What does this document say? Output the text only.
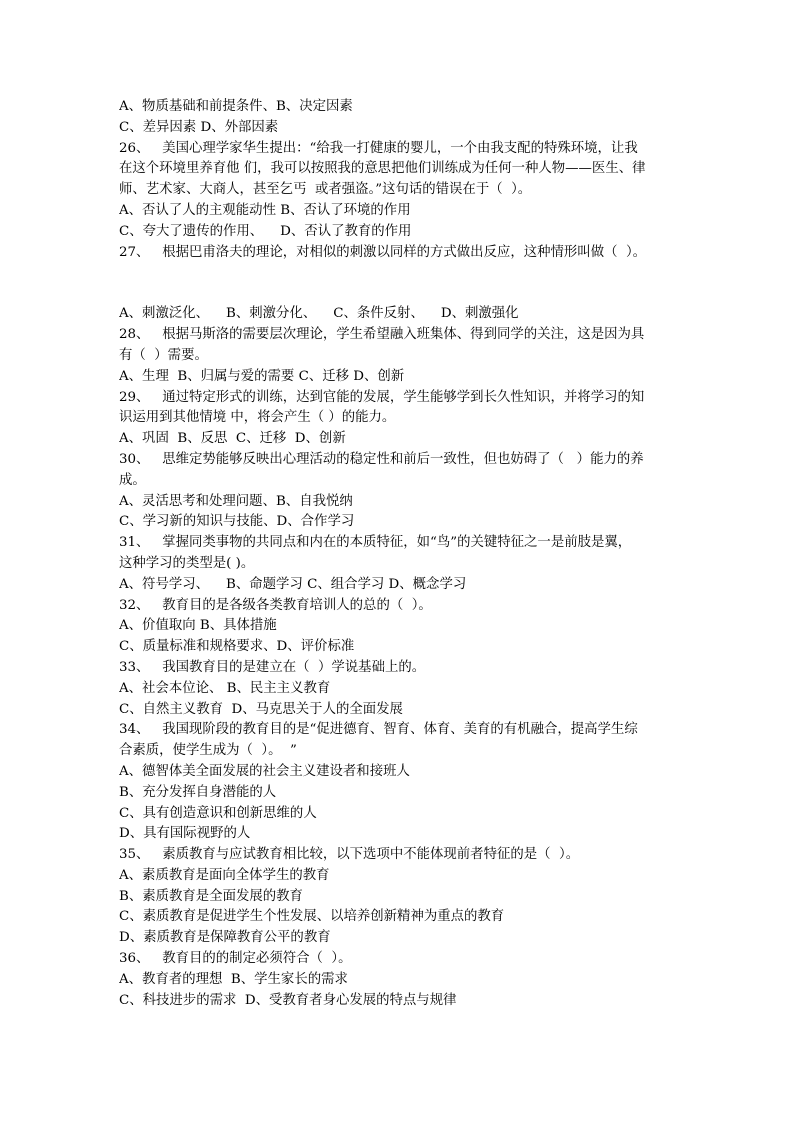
A、物质基础和前提条件、B、决定因素
C、差异因素 D、外部因素
26、   美国心理学家华生提出：“给我一打健康的婴儿，一个由我支配的特殊环境，让我
在这个环境里养育他 们，我可以按照我的意思把他们训练成为任何一种人物——医生、律
师、艺术家、大商人，甚至乞丐  或者强盗。”这句话的错误在于（  ）。
A、否认了人的主观能动性 B、否认了环境的作用
C、夸大了遗传的作用、    D、否认了教育的作用
27、   根据巴甫洛夫的理论，对相似的刺激以同样的方式做出反应，这种情形叫做（  ）。
A、刺激泛化、    B、刺激分化、    C、条件反射、    D、刺激强化
28、   根据马斯洛的需要层次理论，学生希望融入班集体、得到同学的关注，这是因为具
有（  ）需要。
A、生理  B、归属与爱的需要 C、迁移 D、创新
29、   通过特定形式的训练，达到官能的发展，学生能够学到长久性知识，并将学习的知
识运用到其他情境 中，将会产生（ ）的能力。
A、巩固  B、反思  C、迁移  D、创新
30、   思维定势能够反映出心理活动的稳定性和前后一致性，但也妨碍了（   ）能力的养
成。
A、灵活思考和处理问题、B、自我悦纳
C、学习新的知识与技能、D、合作学习
31、   掌握同类事物的共同点和内在的本质特征，如“鸟”的关键特征之一是前肢是翼，
这种学习的类型是( )。
A、符号学习、    B、命题学习 C、组合学习 D、概念学习
32、   教育目的是各级各类教育培训人的总的（  ）。
A、价值取向 B、具体措施
C、质量标准和规格要求、D、评价标准
33、   我国教育目的是建立在（  ）学说基础上的。
A、社会本位论、 B、民主主义教育
C、自然主义教育  D、马克思关于人的全面发展
34、   我国现阶段的教育目的是“促进德育、智育、体育、美育的有机融合，提高学生综
合素质，使学生成为（  ）。  ”
A、德智体美全面发展的社会主义建设者和接班人
B、充分发挥自身潜能的人
C、具有创造意识和创新思维的人
D、具有国际视野的人
35、   素质教育与应试教育相比较，以下选项中不能体现前者特征的是（  ）。
A、素质教育是面向全体学生的教育
B、素质教育是全面发展的教育
C、素质教育是促进学生个性发展、以培养创新精神为重点的教育
D、素质教育是保障教育公平的教育
36、   教育目的的制定必须符合（  ）。
A、教育者的理想  B、学生家长的需求
C、科技进步的需求  D、受教育者身心发展的特点与规律
